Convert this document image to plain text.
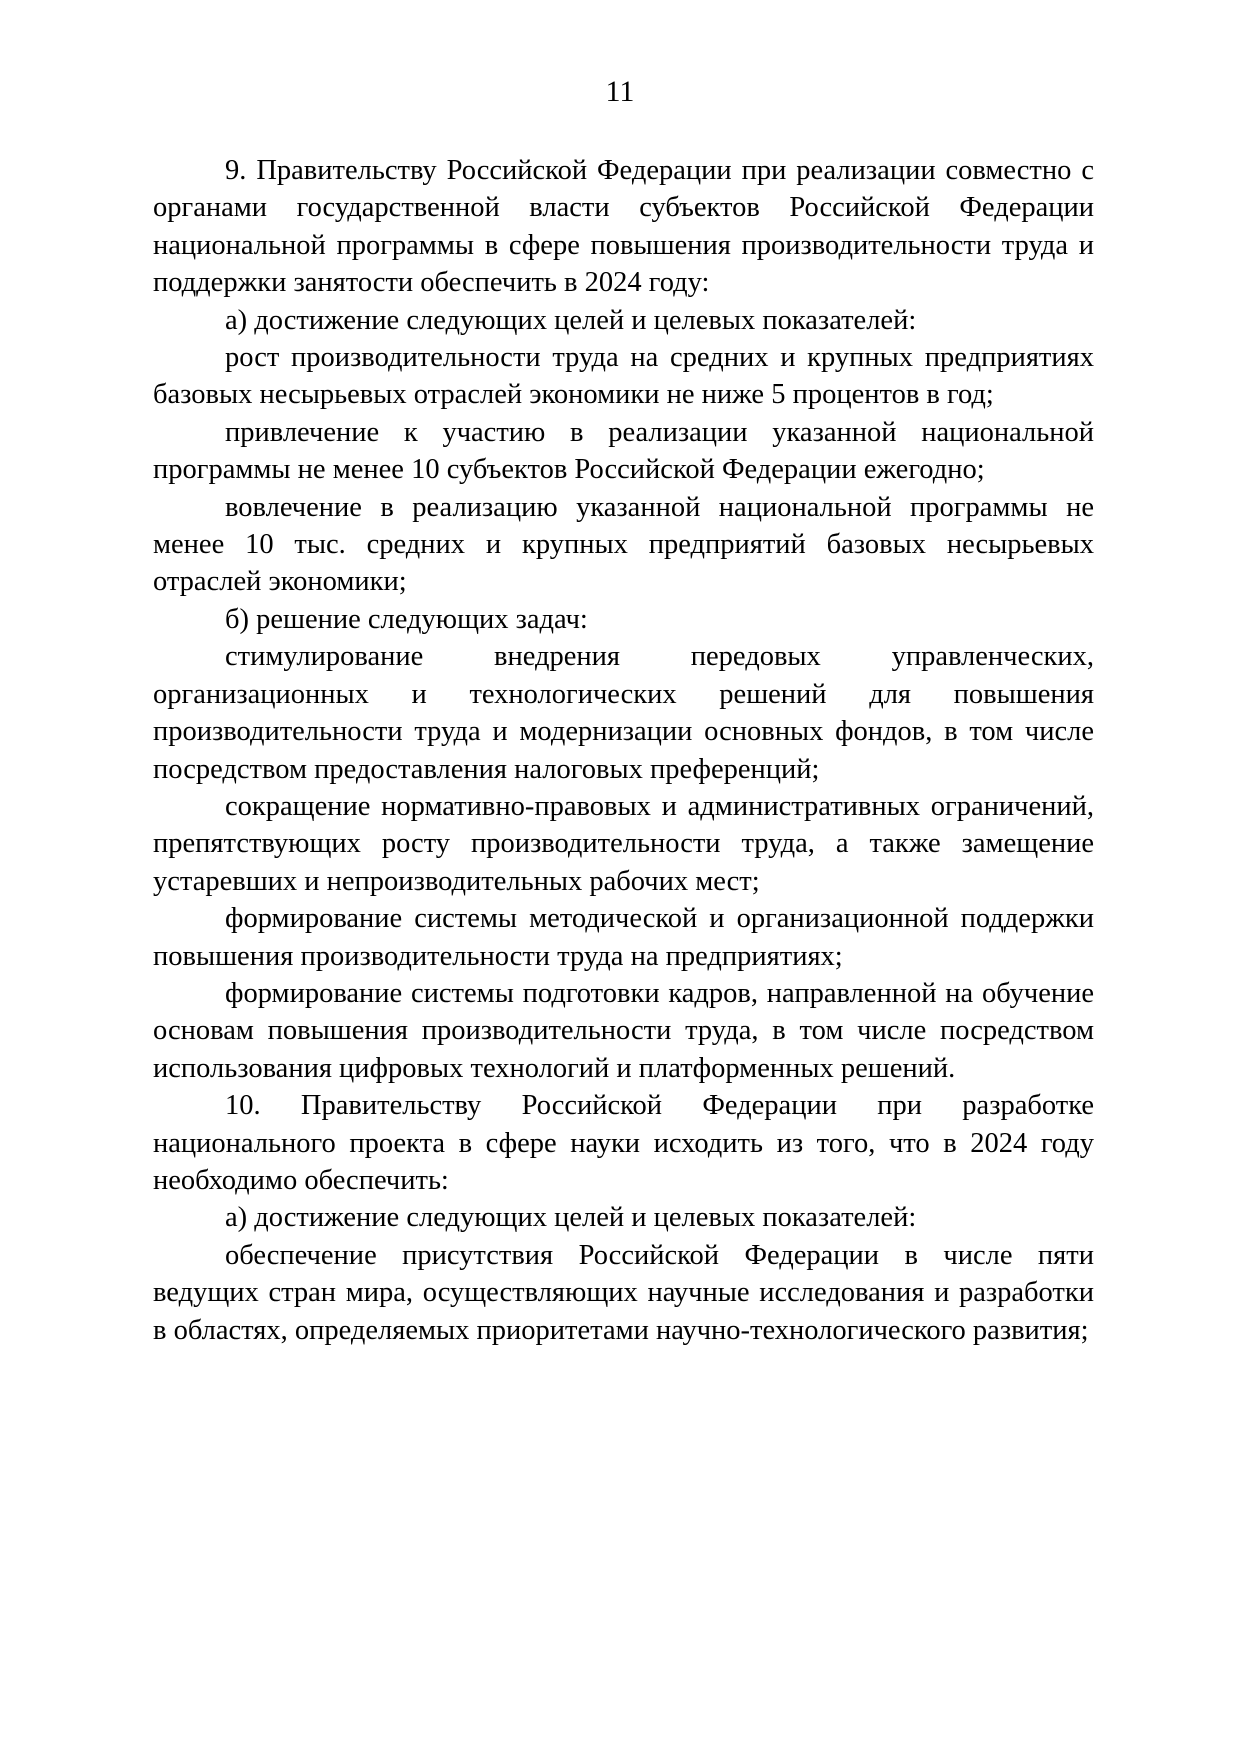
11

9. Правительству Российской Федерации при реализации совместно с органами государственной власти субъектов Российской Федерации национальной программы в сфере повышения производительности труда и поддержки занятости обеспечить в 2024 году:

а) достижение следующих целей и целевых показателей:

рост производительности труда на средних и крупных предприятиях базовых несырьевых отраслей экономики не ниже 5 процентов в год;

привлечение к участию в реализации указанной национальной программы не менее 10 субъектов Российской Федерации ежегодно;

вовлечение в реализацию указанной национальной программы не менее 10 тыс. средних и крупных предприятий базовых несырьевых отраслей экономики;

б) решение следующих задач:

стимулирование внедрения передовых управленческих, организационных и технологических решений для повышения производительности труда и модернизации основных фондов, в том числе посредством предоставления налоговых преференций;

сокращение нормативно-правовых и административных ограничений, препятствующих росту производительности труда, а также замещение устаревших и непроизводительных рабочих мест;

формирование системы методической и организационной поддержки повышения производительности труда на предприятиях;

формирование системы подготовки кадров, направленной на обучение основам повышения производительности труда, в том числе посредством использования цифровых технологий и платформенных решений.

10. Правительству Российской Федерации при разработке национального проекта в сфере науки исходить из того, что в 2024 году необходимо обеспечить:

а) достижение следующих целей и целевых показателей:

обеспечение присутствия Российской Федерации в числе пяти ведущих стран мира, осуществляющих научные исследования и разработки в областях, определяемых приоритетами научно-технологического развития;
